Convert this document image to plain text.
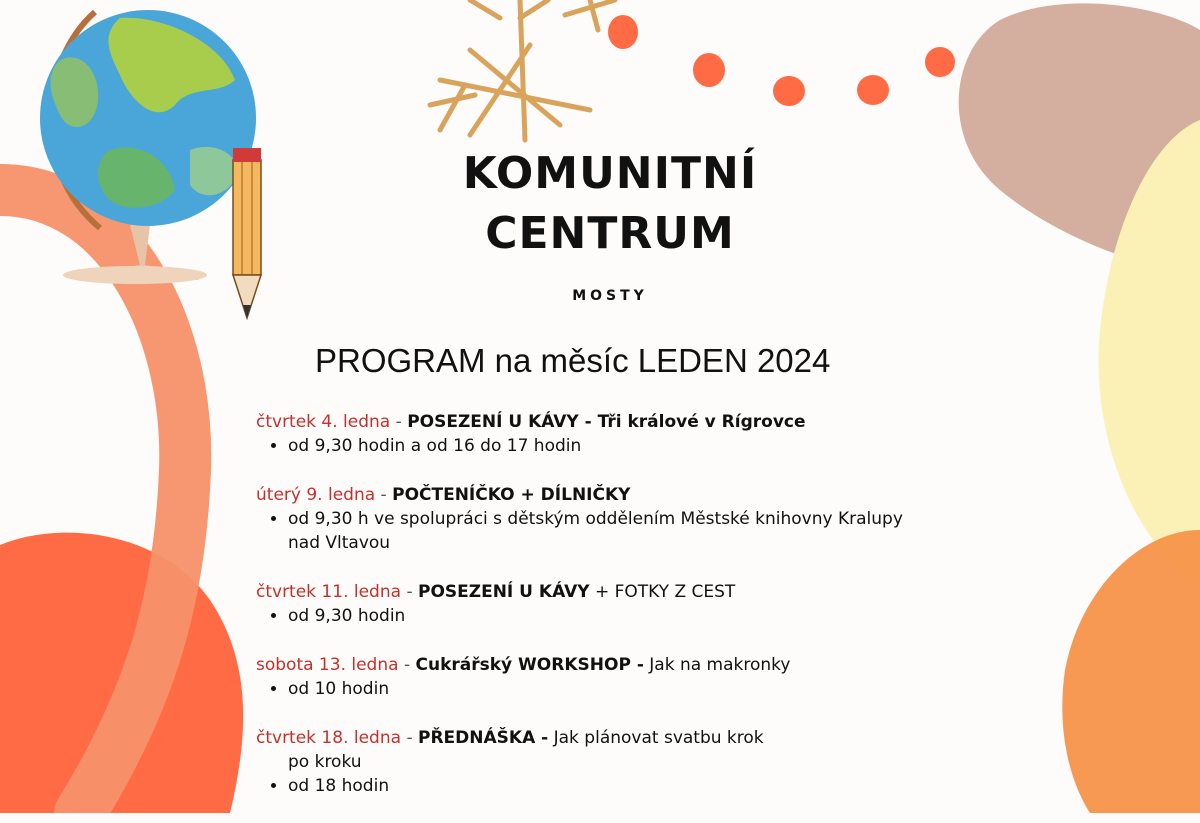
KOMUNITNÍ
CENTRUM
MOSTY
PROGRAM na měsíc LEDEN 2024
čtvrtek 4. ledna - POSEZENÍ U KÁVY - Tři králové v Rígrovce
• od 9,30 hodin a od 16 do 17 hodin
úterý 9. ledna - POČTENÍČKO + DÍLNIČKY
• od 9,30 h ve spolupráci s dětským oddělením Městské knihovny Kralupy
nad Vltavou
čtvrtek 11. ledna - POSEZENÍ U KÁVY + FOTKY Z CEST
• od 9,30 hodin
sobota 13. ledna - Cukrářský WORKSHOP - Jak na makronky
• od 10 hodin
čtvrtek 18. ledna - PŘEDNÁŠKA - Jak plánovat svatbu krok
po kroku
• od 18 hodin
